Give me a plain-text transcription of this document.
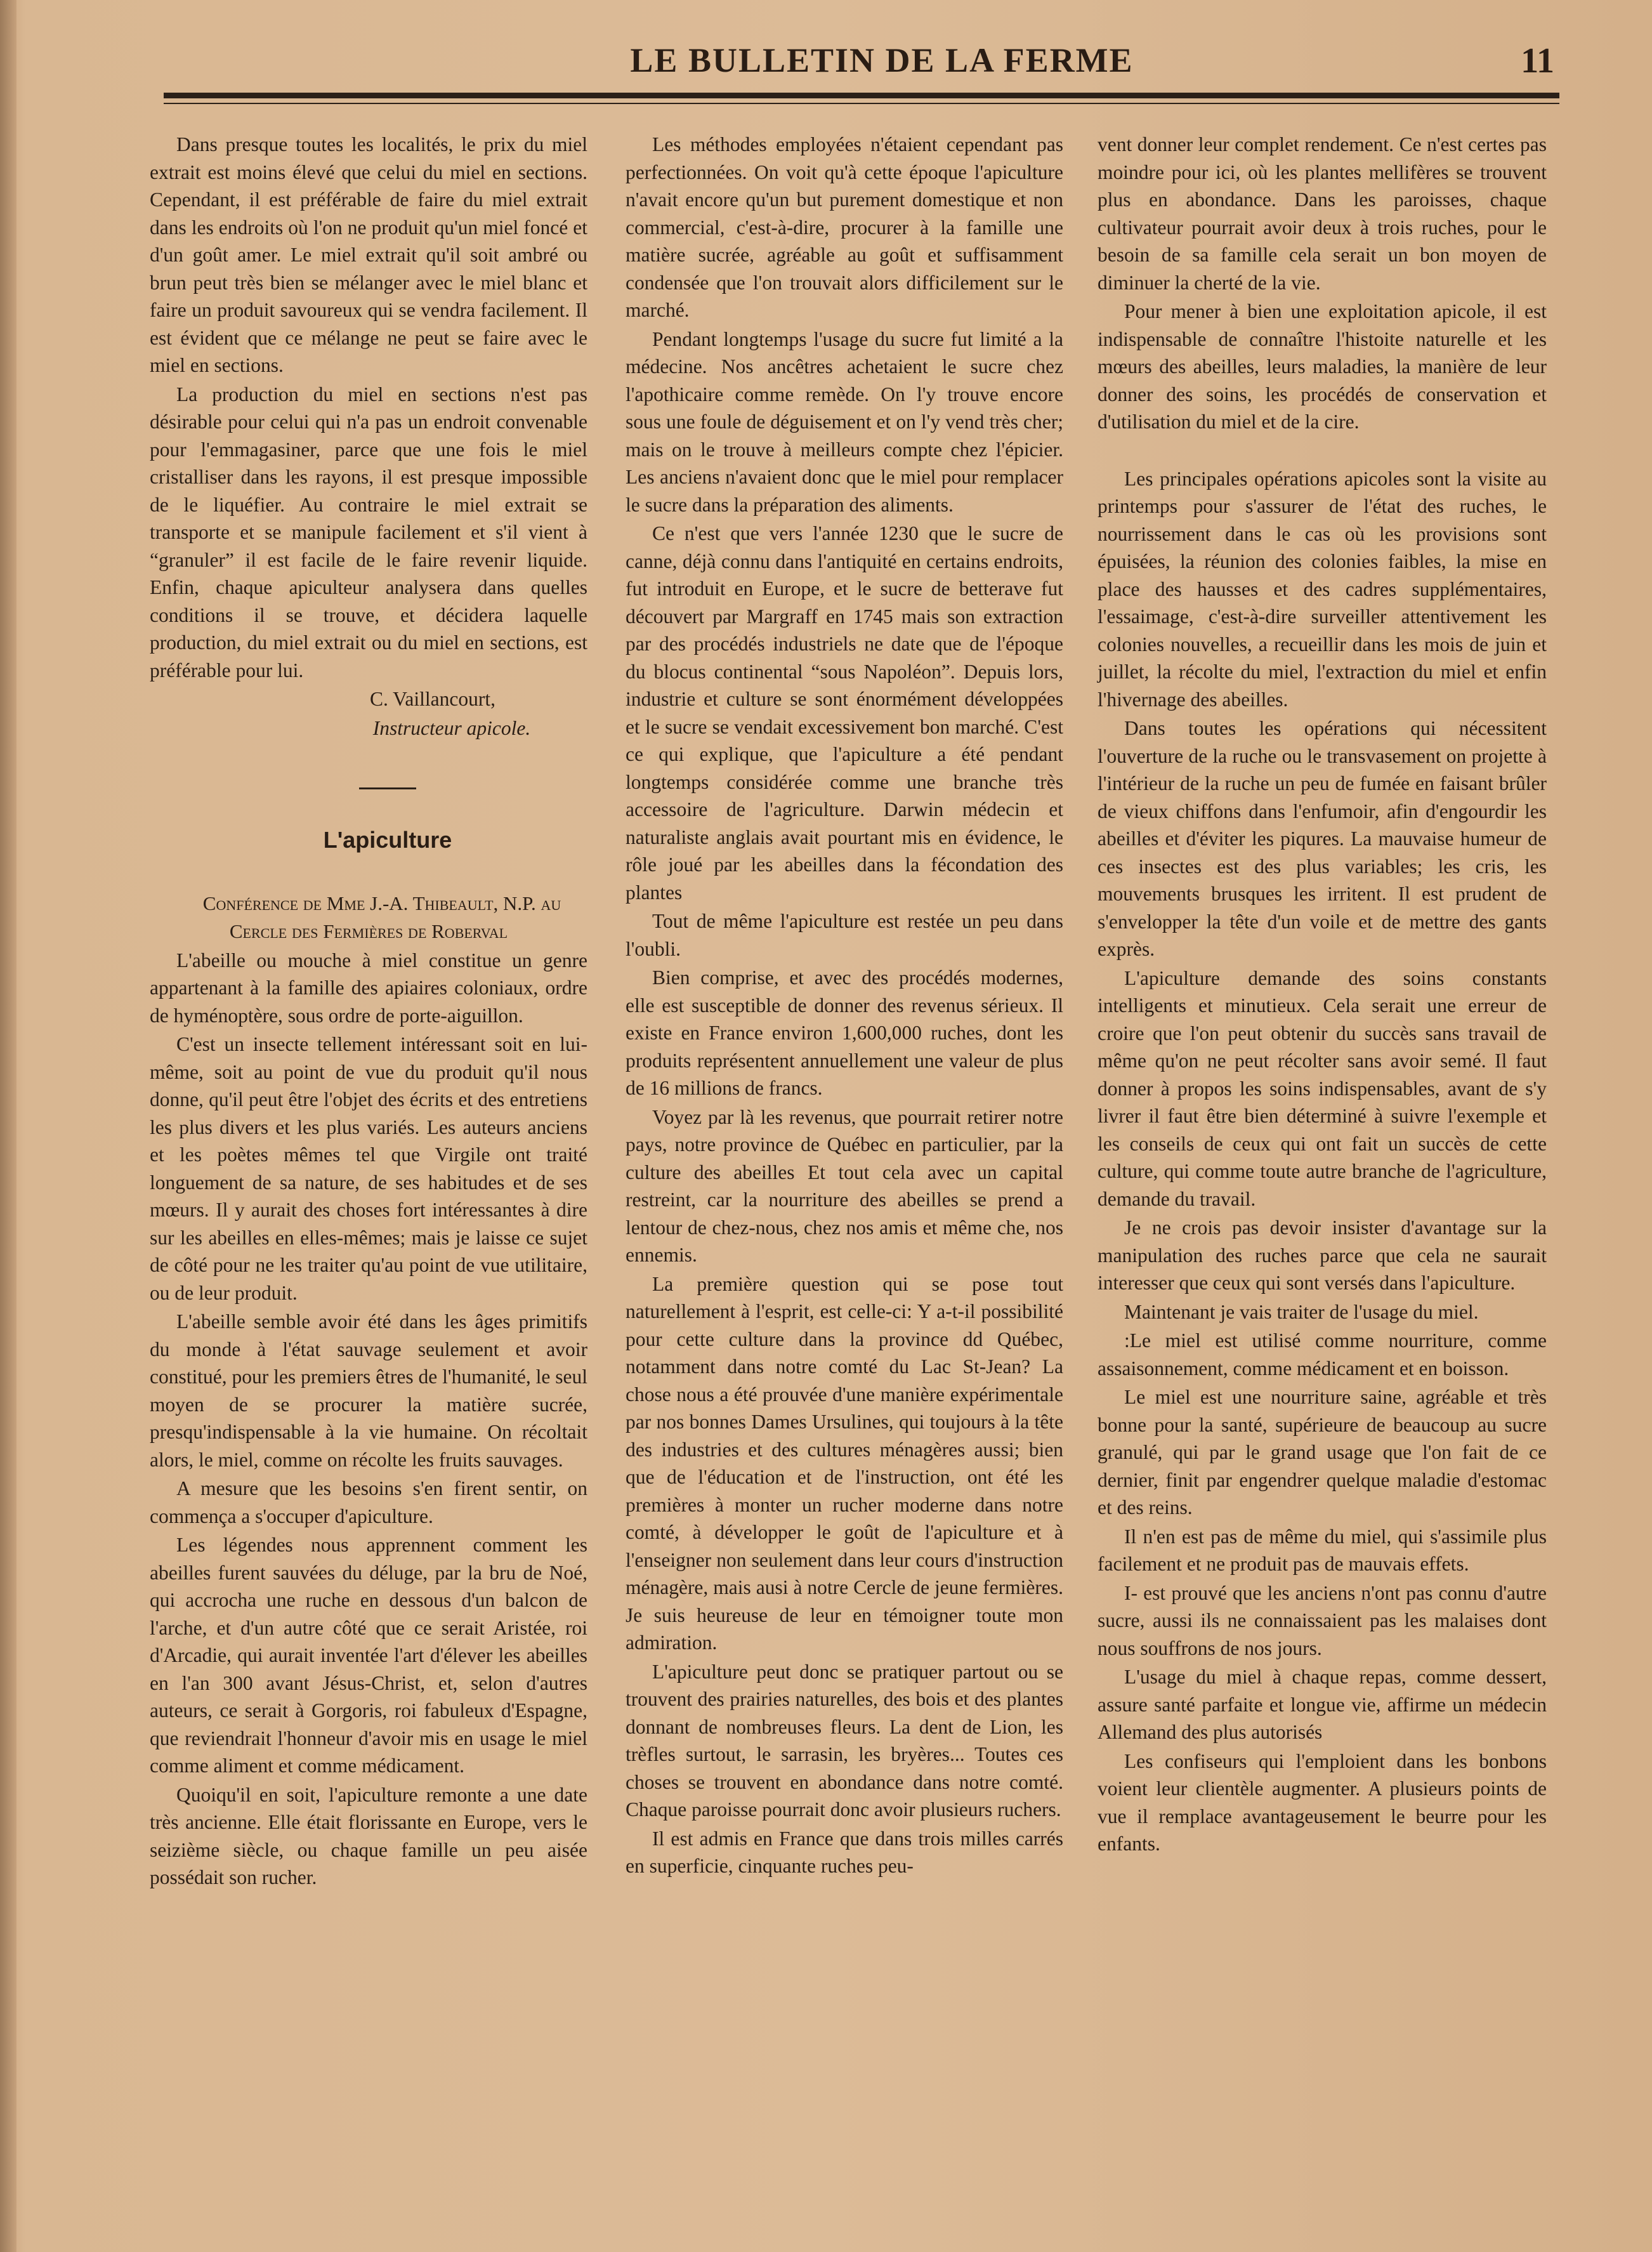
LE BULLETIN DE LA FERME	11

Dans presque toutes les localités, le prix du miel extrait est moins élevé que celui du miel en sections. Cependant, il est préférable de faire du miel extrait dans les endroits où l'on ne produit qu'un miel foncé et d'un goût amer. Le miel extrait qu'il soit ambré ou brun peut très bien se mélanger avec le miel blanc et faire un produit savoureux qui se vendra facilement. Il est évident que ce mélange ne peut se faire avec le miel en sections.

La production du miel en sections n'est pas désirable pour celui qui n'a pas un endroit convenable pour l'emmagasiner, parce que une fois le miel cristalliser dans les rayons, il est presque impossible de le liquéfier. Au contraire le miel extrait se transporte et se manipule facilement et s'il vient à “granuler” il est facile de le faire revenir liquide. Enfin, chaque apiculteur analysera dans quelles conditions il se trouve, et décidera laquelle production, du miel extrait ou du miel en sections, est préférable pour lui.

C. Vaillancourt,

Instructeur apicole.

L'apiculture

Conférence de Mme J.-A. Thibeault, N.P. au Cercle des Fermières de Roberval

L'abeille ou mouche à miel constitue un genre appartenant à la famille des apiaires coloniaux, ordre de hyménoptère, sous ordre de porte-aiguillon.

C'est un insecte tellement intéressant soit en lui-même, soit au point de vue du produit qu'il nous donne, qu'il peut être l'objet des écrits et des entretiens les plus divers et les plus variés. Les auteurs anciens et les poètes mêmes tel que Virgile ont traité longuement de sa nature, de ses habitudes et de ses mœurs. Il y aurait des choses fort intéressantes à dire sur les abeilles en elles-mêmes; mais je laisse ce sujet de côté pour ne les traiter qu'au point de vue utilitaire, ou de leur produit.

L'abeille semble avoir été dans les âges primitifs du monde à l'état sauvage seulement et avoir constitué, pour les premiers êtres de l'humanité, le seul moyen de se procurer la matière sucrée, presqu'indispensable à la vie humaine. On récoltait alors, le miel, comme on récolte les fruits sauvages.

A mesure que les besoins s'en firent sentir, on commença a s'occuper d'apiculture.

Les légendes nous apprennent comment les abeilles furent sauvées du déluge, par la bru de Noé, qui accrocha une ruche en dessous d'un balcon de l'arche, et d'un autre côté que ce serait Aristée, roi d'Arcadie, qui aurait inventée l'art d'élever les abeilles en l'an 300 avant Jésus-Christ, et, selon d'autres auteurs, ce serait à Gorgoris, roi fabuleux d'Espagne, que reviendrait l'honneur d'avoir mis en usage le miel comme aliment et comme médicament.

Quoiqu'il en soit, l'apiculture remonte a une date très ancienne. Elle était florissante en Europe, vers le seizième siècle, ou chaque famille un peu aisée possédait son rucher.

Les méthodes employées n'étaient cependant pas perfectionnées. On voit qu'à cette époque l'apiculture n'avait encore qu'un but purement domestique et non commercial, c'est-à-dire, procurer à la famille une matière sucrée, agréable au goût et suffisamment condensée que l'on trouvait alors difficilement sur le marché.

Pendant longtemps l'usage du sucre fut limité a la médecine. Nos ancêtres achetaient le sucre chez l'apothicaire comme remède. On l'y trouve encore sous une foule de déguisement et on l'y vend très cher; mais on le trouve à meilleurs compte chez l'épicier. Les anciens n'avaient donc que le miel pour remplacer le sucre dans la préparation des aliments.

Ce n'est que vers l'année 1230 que le sucre de canne, déjà connu dans l'antiquité en certains endroits, fut introduit en Europe, et le sucre de betterave fut découvert par Margraff en 1745 mais son extraction par des procédés industriels ne date que de l'époque du blocus continental “sous Napoléon”. Depuis lors, industrie et culture se sont énormément développées et le sucre se vendait excessivement bon marché. C'est ce qui explique, que l'apiculture a été pendant longtemps considérée comme une branche très accessoire de l'agriculture. Darwin médecin et naturaliste anglais avait pourtant mis en évidence, le rôle joué par les abeilles dans la fécondation des plantes

Tout de même l'apiculture est restée un peu dans l'oubli.

Bien comprise, et avec des procédés modernes, elle est susceptible de donner des revenus sérieux. Il existe en France environ 1,600,000 ruches, dont les produits représentent annuellement une valeur de plus de 16 millions de francs.

Voyez par là les revenus, que pourrait retirer notre pays, notre province de Québec en particulier, par la culture des abeilles Et tout cela avec un capital restreint, car la nourriture des abeilles se prend a lentour de chez-nous, chez nos amis et même che, nos ennemis.

La première question qui se pose tout naturellement à l'esprit, est celle-ci: Y a-t-il possibilité pour cette culture dans la province dd Québec, notamment dans notre comté du Lac St-Jean? La chose nous a été prouvée d'une manière expérimentale par nos bonnes Dames Ursulines, qui toujours à la tête des industries et des cultures ménagères aussi; bien que de l'éducation et de l'instruction, ont été les premières à monter un rucher moderne dans notre comté, à développer le goût de l'apiculture et à l'enseigner non seulement dans leur cours d'instruction ménagère, mais ausi à notre Cercle de jeune fermières. Je suis heureuse de leur en témoigner toute mon admiration.

L'apiculture peut donc se pratiquer partout ou se trouvent des prairies naturelles, des bois et des plantes donnant de nombreuses fleurs. La dent de Lion, les trèfles surtout, le sarrasin, les bryères... Toutes ces choses se trouvent en abondance dans notre comté. Chaque paroisse pourrait donc avoir plusieurs ruchers.

Il est admis en France que dans trois milles carrés en superficie, cinquante ruches peu-

vent donner leur complet rendement. Ce n'est certes pas moindre pour ici, où les plantes mellifères se trouvent plus en abondance. Dans les paroisses, chaque cultivateur pourrait avoir deux à trois ruches, pour le besoin de sa famille cela serait un bon moyen de diminuer la cherté de la vie.

Pour mener à bien une exploitation apicole, il est indispensable de connaître l'histoite naturelle et les mœurs des abeilles, leurs maladies, la manière de leur donner des soins, les procédés de conservation et d'utilisation du miel et de la cire.

Les principales opérations apicoles sont la visite au printemps pour s'assurer de l'état des ruches, le nourrissement dans le cas où les provisions sont épuisées, la réunion des colonies faibles, la mise en place des hausses et des cadres supplémentaires, l'essaimage, c'est-à-dire surveiller attentivement les colonies nouvelles, a recueillir dans les mois de juin et juillet, la récolte du miel, l'extraction du miel et enfin l'hivernage des abeilles.

Dans toutes les opérations qui nécessitent l'ouverture de la ruche ou le transvasement on projette à l'intérieur de la ruche un peu de fumée en faisant brûler de vieux chiffons dans l'enfumoir, afin d'engourdir les abeilles et d'éviter les piqures. La mauvaise humeur de ces insectes est des plus variables; les cris, les mouvements brusques les irritent. Il est prudent de s'envelopper la tête d'un voile et de mettre des gants exprès.

L'apiculture demande des soins constants intelligents et minutieux. Cela serait une erreur de croire que l'on peut obtenir du succès sans travail de même qu'on ne peut récolter sans avoir semé. Il faut donner à propos les soins indispensables, avant de s'y livrer il faut être bien déterminé à suivre l'exemple et les conseils de ceux qui ont fait un succès de cette culture, qui comme toute autre branche de l'agriculture, demande du travail.

Je ne crois pas devoir insister d'avantage sur la manipulation des ruches parce que cela ne saurait interesser que ceux qui sont versés dans l'apiculture.

Maintenant je vais traiter de l'usage du miel.

:Le miel est utilisé comme nourriture, comme assaisonnement, comme médicament et en boisson.

Le miel est une nourriture saine, agréable et très bonne pour la santé, supérieure de beaucoup au sucre granulé, qui par le grand usage que l'on fait de ce dernier, finit par engendrer quelque maladie d'estomac et des reins.

Il n'en est pas de même du miel, qui s'assimile plus facilement et ne produit pas de mauvais effets.

I- est prouvé que les anciens n'ont pas connu d'autre sucre, aussi ils ne connaissaient pas les malaises dont nous souffrons de nos jours.

L'usage du miel à chaque repas, comme dessert, assure santé parfaite et longue vie, affirme un médecin Allemand des plus autorisés

Les confiseurs qui l'emploient dans les bonbons voient leur clientèle augmenter. A plusieurs points de vue il remplace avantageusement le beurre pour les enfants.
